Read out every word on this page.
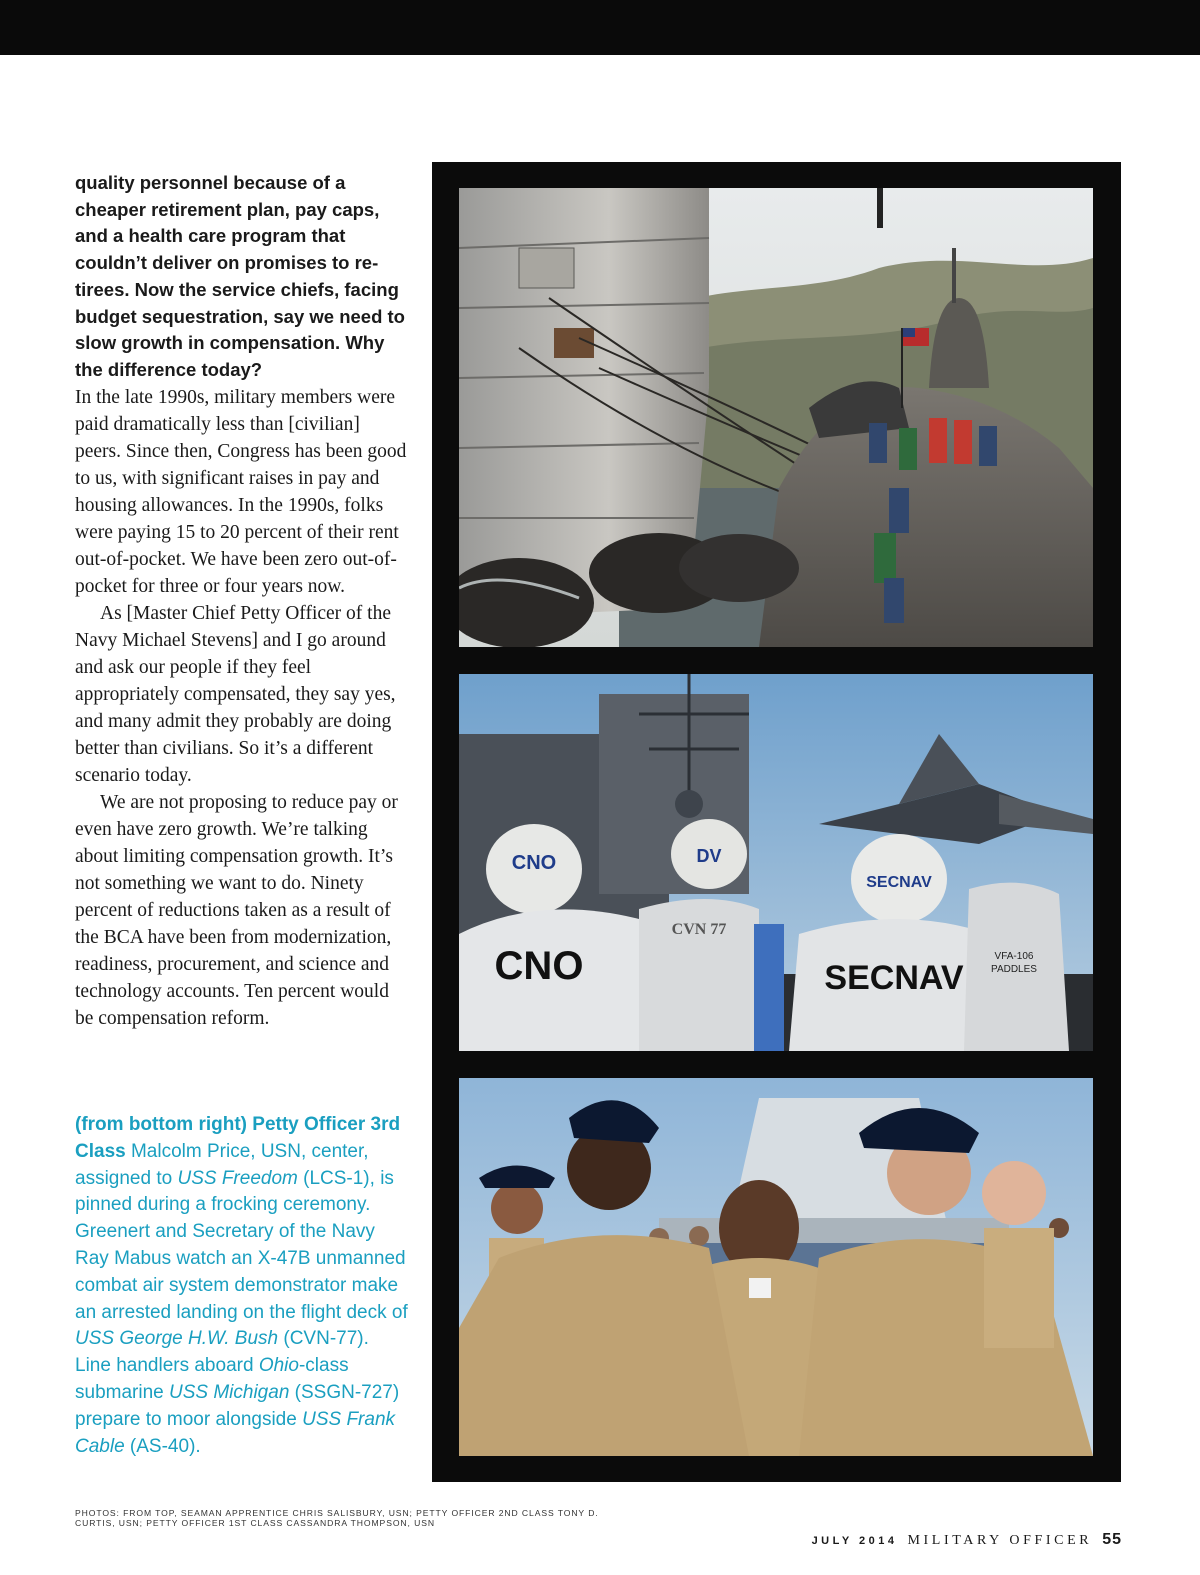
quality personnel because of a cheaper retirement plan, pay caps, and a health care program that couldn’t deliver on promises to retirees. Now the service chiefs, facing budget sequestration, say we need to slow growth in compensation. Why the difference today?

In the late 1990s, military members were paid dramatically less than [civilian] peers. Since then, Congress has been good to us, with significant raises in pay and housing allowances. In the 1990s, folks were paying 15 to 20 percent of their rent out-of-pocket. We have been zero out-of-pocket for three or four years now.

As [Master Chief Petty Officer of the Navy Michael Stevens] and I go around and ask our people if they feel appropriately compensated, they say yes, and many admit they probably are doing better than civilians. So it’s a different scenario today.

We are not proposing to reduce pay or even have zero growth. We’re talking about limiting compensation growth. It’s not something we want to do. Ninety percent of reductions taken as a result of the BCA have been from modernization, readiness, procurement, and science and technology accounts. Ten percent would be compensation reform.

(from bottom right) Petty Officer 3rd Class Malcolm Price, USN, center, assigned to USS Freedom (LCS-1), is pinned during a frocking ceremony. Greenert and Secretary of the Navy Ray Mabus watch an X-47B unmanned combat air system demonstrator make an arrested landing on the flight deck of USS George H.W. Bush (CVN-77). Line handlers aboard Ohio-class submarine USS Michigan (SSGN-727) prepare to moor alongside USS Frank Cable (AS-40).

CNO
CNO
DV
CVN 77
SECNAV
SECNAV
VFA-106
PADDLES

PHOTOS: FROM TOP, SEAMAN APPRENTICE CHRIS SALISBURY, USN; PETTY OFFICER 2ND CLASS TONY D. CURTIS, USN; PETTY OFFICER 1ST CLASS CASSANDRA THOMPSON, USN

JULY 2014 MILITARY OFFICER 55
